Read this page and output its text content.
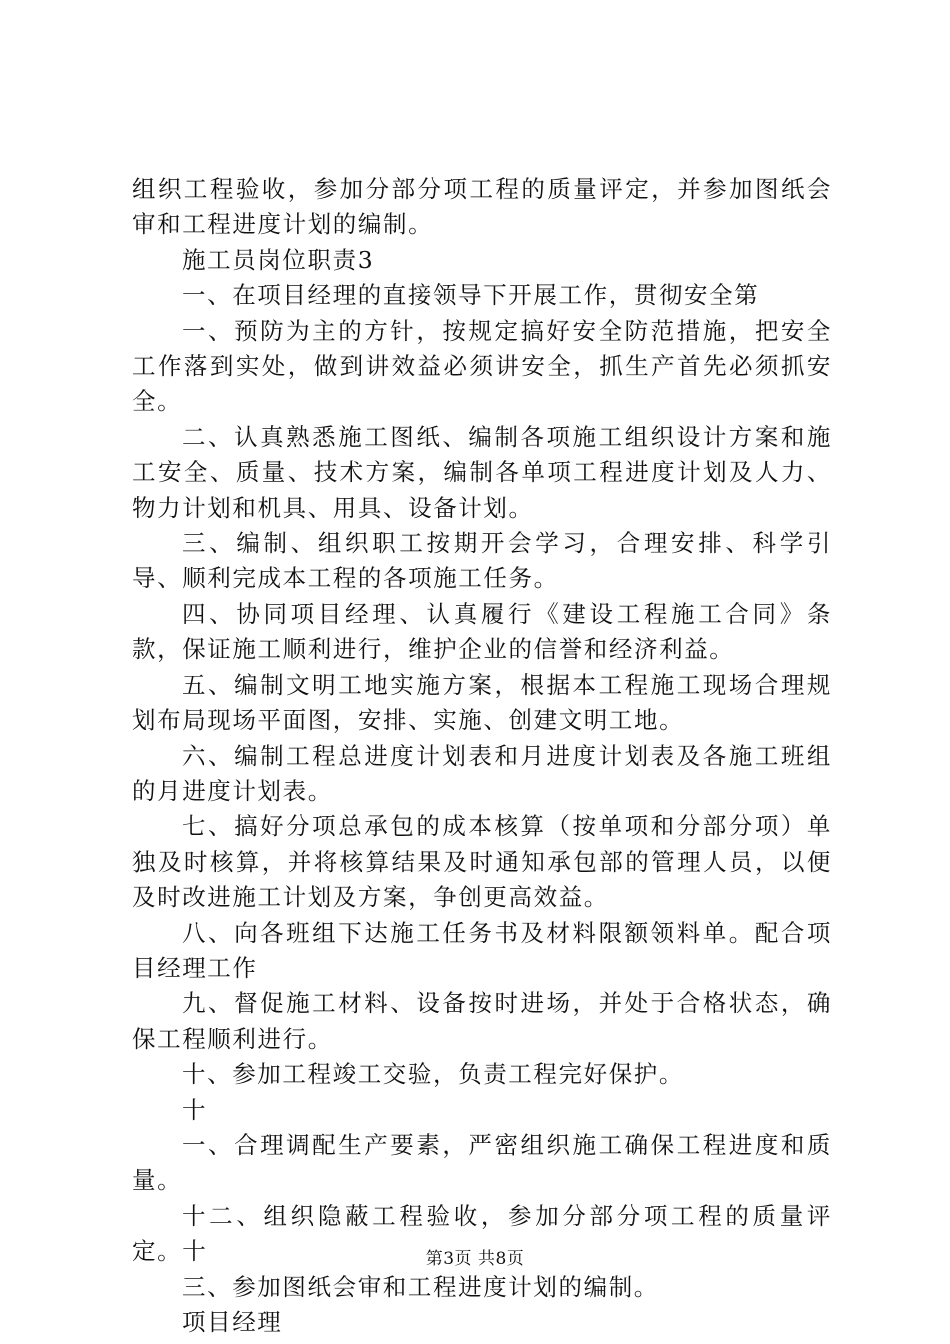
组织工程验收，参加分部分项工程的质量评定，并参加图纸会审和工程进度计划的编制。

施工员岗位职责3

一、在项目经理的直接领导下开展工作，贯彻安全第

一、预防为主的方针，按规定搞好安全防范措施，把安全工作落到实处，做到讲效益必须讲安全，抓生产首先必须抓安全。

二、认真熟悉施工图纸、编制各项施工组织设计方案和施工安全、质量、技术方案，编制各单项工程进度计划及人力、物力计划和机具、用具、设备计划。

三、编制、组织职工按期开会学习，合理安排、科学引导、顺利完成本工程的各项施工任务。

四、协同项目经理、认真履行《建设工程施工合同》条款，保证施工顺利进行，维护企业的信誉和经济利益。

五、编制文明工地实施方案，根据本工程施工现场合理规划布局现场平面图，安排、实施、创建文明工地。

六、编制工程总进度计划表和月进度计划表及各施工班组的月进度计划表。

七、搞好分项总承包的成本核算（按单项和分部分项）单独及时核算，并将核算结果及时通知承包部的管理人员，以便及时改进施工计划及方案，争创更高效益。

八、向各班组下达施工任务书及材料限额领料单。配合项目经理工作

九、督促施工材料、设备按时进场，并处于合格状态，确保工程顺利进行。

十、参加工程竣工交验，负责工程完好保护。

十

一、合理调配生产要素，严密组织施工确保工程进度和质量。

十二、组织隐蔽工程验收，参加分部分项工程的质量评定。十

三、参加图纸会审和工程进度计划的编制。

项目经理

第3页 共8页
